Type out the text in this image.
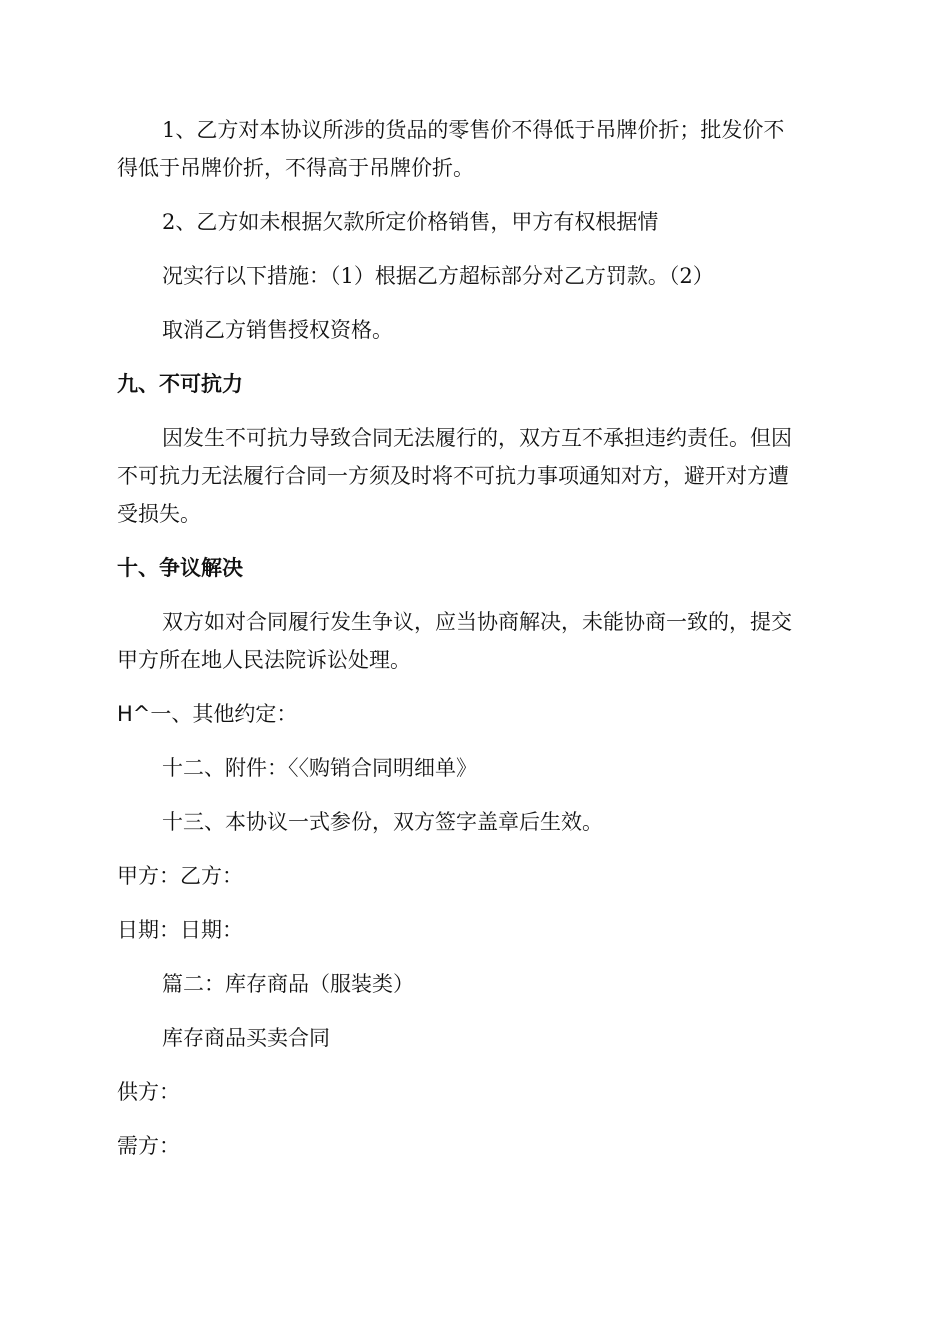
1、乙方对本协议所涉的货品的零售价不得低于吊牌价折；批发价不
得低于吊牌价折，不得高于吊牌价折。
2、乙方如未根据欠款所定价格销售，甲方有权根据情
况实行以下措施：（1）根据乙方超标部分对乙方罚款。（2）
取消乙方销售授权资格。
九、不可抗力
因发生不可抗力导致合同无法履行的，双方互不承担违约责任。但因
不可抗力无法履行合同一方须及时将不可抗力事项通知对方，避开对方遭
受损失。
十、争议解决
双方如对合同履行发生争议，应当协商解决，未能协商一致的，提交
甲方所在地人民法院诉讼处理。
H^一、其他约定：
十二、附件：〈〈购销合同明细单》
十三、本协议一式参份，双方签字盖章后生效。
甲方：乙方：
日期：日期：
篇二：库存商品（服装类）
库存商品买卖合同
供方：
需方：
